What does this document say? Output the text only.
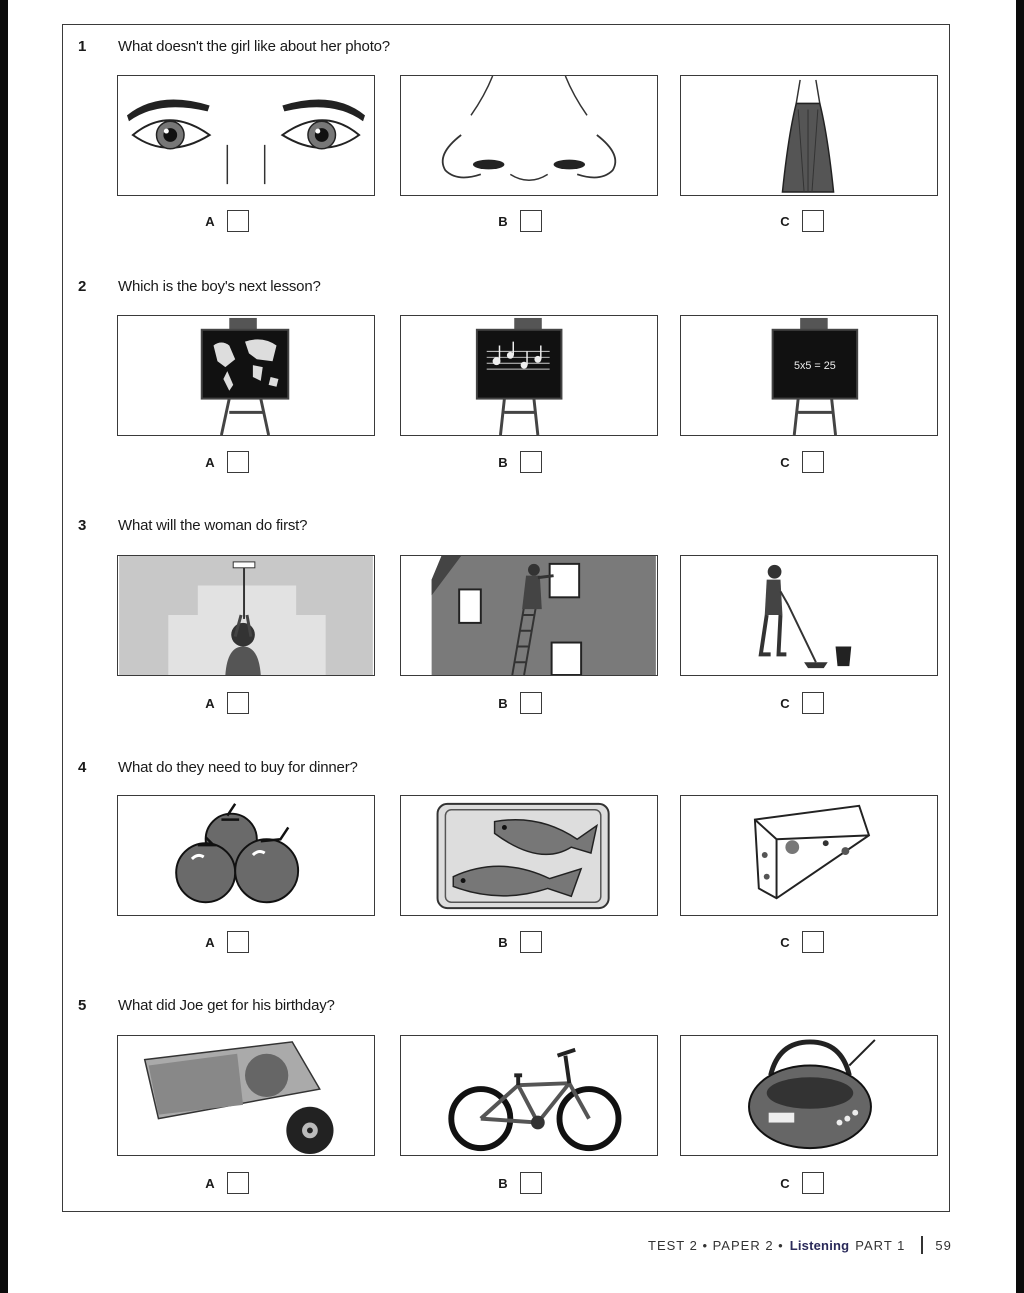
1 What doesn't the girl like about her photo?
A	B	C
2 Which is the boy's next lesson?
5x5 = 25
A	B	C
3 What will the woman do first?
A	B	C
4 What do they need to buy for dinner?
A	B	C
5 What did Joe get for his birthday?
A	B	C
TEST 2 • PAPER 2 • Listening PART 1 59
